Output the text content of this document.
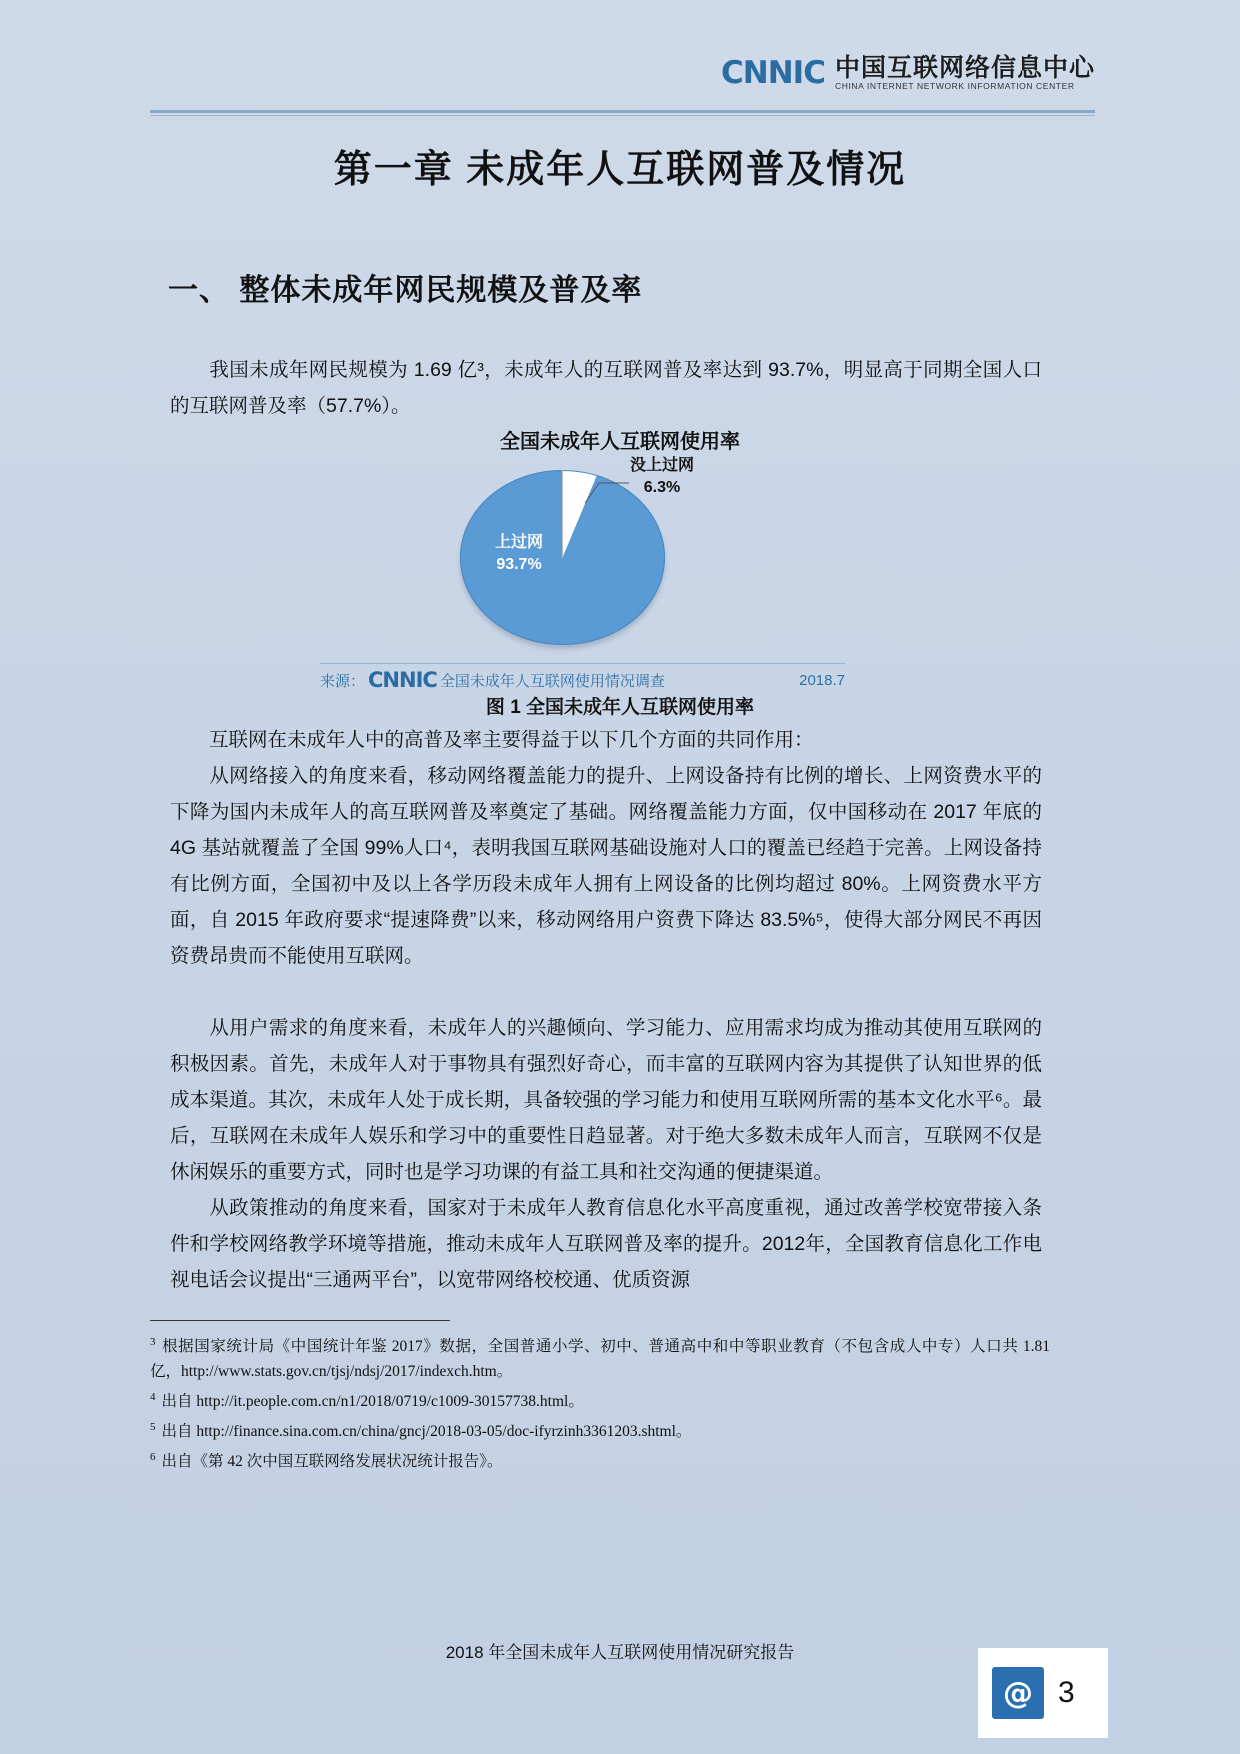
CNNIC 中国互联网络信息中心
CHINA INTERNET NETWORK INFORMATION CENTER
第一章 未成年人互联网普及情况
一、 整体未成年网民规模及普及率
我国未成年网民规模为 1.69 亿³，未成年人的互联网普及率达到 93.7%，明显高于同期全国人口的互联网普及率（57.7%）。
全国未成年人互联网使用率
上过网
93.7%
没上过网
6.3%
来源： CNNIC 全国未成年人互联网使用情况调查	2018.7
图 1 全国未成年人互联网使用率
互联网在未成年人中的高普及率主要得益于以下几个方面的共同作用：
从网络接入的角度来看，移动网络覆盖能力的提升、上网设备持有比例的增长、上网资费水平的下降为国内未成年人的高互联网普及率奠定了基础。网络覆盖能力方面，仅中国移动在 2017 年底的 4G 基站就覆盖了全国 99%人口⁴，表明我国互联网基础设施对人口的覆盖已经趋于完善。上网设备持有比例方面，全国初中及以上各学历段未成年人拥有上网设备的比例均超过 80%。上网资费水平方面，自 2015 年政府要求“提速降费”以来，移动网络用户资费下降达 83.5%⁵，使得大部分网民不再因资费昂贵而不能使用互联网。
从用户需求的角度来看，未成年人的兴趣倾向、学习能力、应用需求均成为推动其使用互联网的积极因素。首先，未成年人对于事物具有强烈好奇心，而丰富的互联网内容为其提供了认知世界的低成本渠道。其次，未成年人处于成长期，具备较强的学习能力和使用互联网所需的基本文化水平⁶。最后，互联网在未成年人娱乐和学习中的重要性日趋显著。对于绝大多数未成年人而言，互联网不仅是休闲娱乐的重要方式，同时也是学习功课的有益工具和社交沟通的便捷渠道。
从政策推动的角度来看，国家对于未成年人教育信息化水平高度重视，通过改善学校宽带接入条件和学校网络教学环境等措施，推动未成年人互联网普及率的提升。2012年，全国教育信息化工作电视电话会议提出“三通两平台”，以宽带网络校校通、优质资源
$^3$ 根据国家统计局《中国统计年鉴 2017》数据，全国普通小学、初中、普通高中和中等职业教育（不包含成人中专）人口共 1.81 亿，http://www.stats.gov.cn/tjsj/ndsj/2017/indexch.htm。
$^4$ 出自 http://it.people.com.cn/n1/2018/0719/c1009-30157738.html。
$^5$ 出自 http://finance.sina.com.cn/china/gncj/2018-03-05/doc-ifyrzinh3361203.shtml。
$^6$ 出自《第 42 次中国互联网络发展状况统计报告》。
2018 年全国未成年人互联网使用情况研究报告
@ 3
